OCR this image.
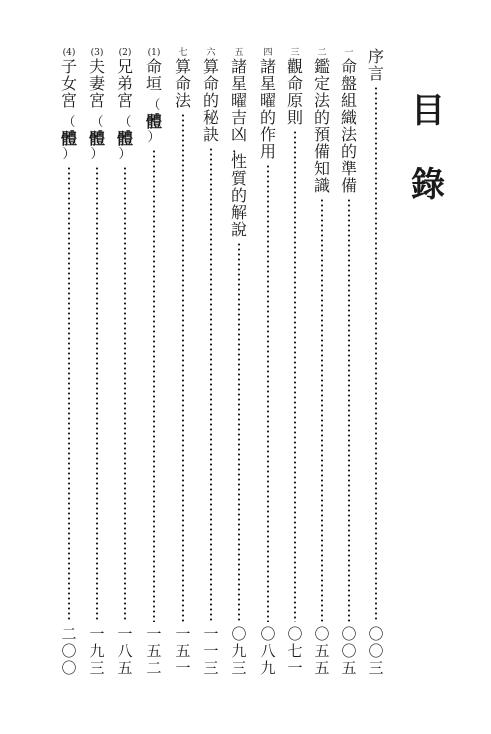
目
錄
序
言
〇
〇
三
一
命
盤
組
織
法
的
準
備
〇
〇
五
二
鑑
定
法
的
預
備
知
識
〇
五
五
三
觀
命
原
則
〇
七
一
四
諸
星
曜
的
作
用
〇
八
九
五
諸
星
曜
吉
凶
，
性
質
的
解
說
〇
九
三
六
算
命
的
秘
訣
一
一
三
七
算
命
法
一
五
一
(1)
命
垣
（
體
）
一
五
二
(2)
兄
弟
宮
（
體
）
一
八
五
(3)
夫
妻
宮
（
體
）
一
九
三
(4)
子
女
宮
（
體
）
二
〇
〇
